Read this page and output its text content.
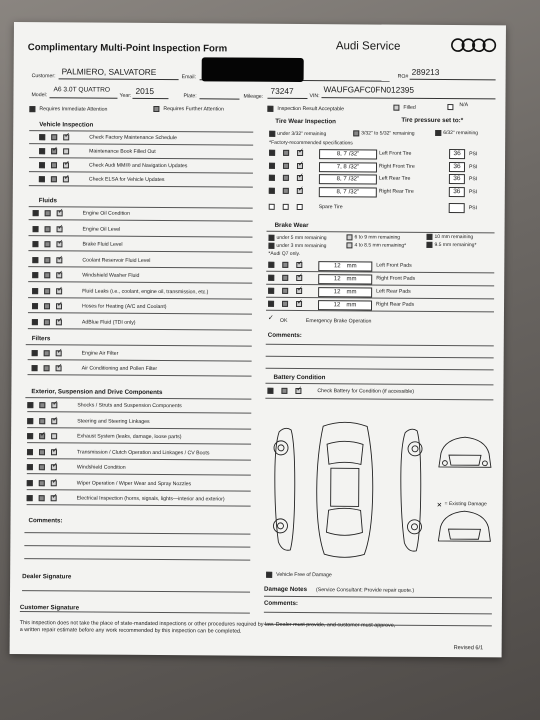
Complimentary Multi-Point Inspection Form	Audi Service
Customer: PALMIERO, SALVATORE
Email:	RO# 289213
Model:
A6 3.0T QUATTRO
Year: 2015
Plate:	Mileage:
73247
VIN:
WAUFGAFC0FN012395
Requires Immediate Attention	Requires Further Attention	Inspection Result Acceptable	Filled	N/A
Vehicle Inspection
✓	Check Factory Maintenance Schedule
✓	Maintenance Book Filled Out
✓	Check Audi MMI® and Navigation Updates
✓	Check ELSA for Vehicle Updates
Fluids
✓	Engine Oil Condition
✓	Engine Oil Level
✓	Brake Fluid Level
✓	Coolant Reservoir Fluid Level
✓	Windshield Washer Fluid
✓	Fluid Leaks (i.e., coolant, engine oil, transmission, etc.)
✓	Hoses for Heating (A/C and Coolant)
✓	AdBlue Fluid (TDI only)
Filters
✓	Engine Air Filter
✓	Air Conditioning and Pollen Filter
Exterior, Suspension and Drive Components
✓	Shocks / Struts and Suspension Components
✓	Steering and Steering Linkages
✓	Exhaust System (leaks, damage, loose parts)
✓	Transmission / Clutch Operation and Linkages / CV Boots
✓	Windshield Condition
✓	Wiper Operation / Wiper Wear and Spray Nozzles
✓	Electrical Inspection (horns, signals, lights—interior and exterior)
Comments:
Dealer Signature
Customer Signature
Tire Wear Inspection	Tire pressure set to:*
under 3/32" remaining	3/32" to 5/32" remaining	6/32" remaining
*Factory-recommended specifications
✓	8, 7 /32"	Left Front Tire	36	PSI
✓	7, 8 /32"	Right Front Tire	36	PSI
✓	8, 7 /32"	Left Rear Tire	36	PSI
✓	8, 7 /32"	Right Rear Tire	36	PSI
Spare Tire	PSI
Brake Wear
under 5 mm remaining	6 to 9 mm remaining	10 mm remaining
under 3 mm remaining	4 to 8.5 mm remaining*	9.5 mm remaining*
*Audi Q7 only.
✓	12 mm	Left Front Pads
✓	12 mm	Right Front Pads
✓	12 mm	Left Rear Pads
✓	12 mm	Right Rear Pads
✓ OK	Emergency Brake Operation
Comments:
Battery Condition
✓	Check Battery for Condition (if accessible)
✕ = Existing Damage
Vehicle Free of Damage
Damage Notes (Service Consultant: Provide repair quote.)
Comments:
This inspection does not take the place of state-mandated inspections or other procedures required by law. Dealer must provide, and customer must approve,
a written repair estimate before any work recommended by this inspection can be completed.
Revised 6/1
